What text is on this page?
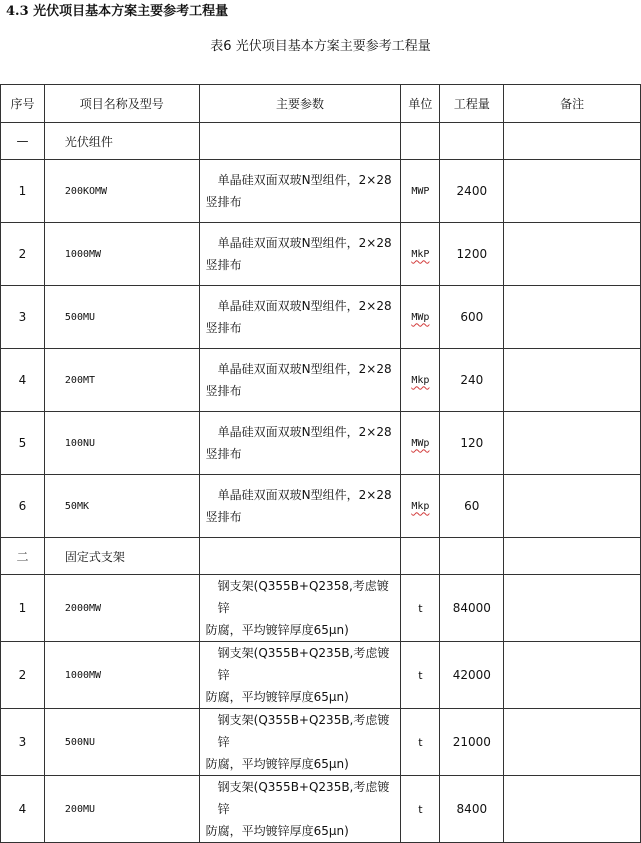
4.3 光伏项目基本方案主要参考工程量
表6 光伏项目基本方案主要参考工程量
序号	项目名称及型号	主要参数	单位	工程量	备注
—	光伏组件				
1	200KOMW	单晶硅双面双玻N型组件，2×28
竖排布	MWP	2400	
2	1000MW	单晶硅双面双玻N型组件，2×28
竖排布	MkP	1200	
3	500MU	单晶硅双面双玻N型组件，2×28
竖排布	MWp	600	
4	200MT	单晶硅双面双玻N型组件，2×28
竖排布	Mkp	240	
5	100NU	单晶硅双面双玻N型组件，2×28
竖排布	MWp	120	
6	50MK	单晶硅双面双玻N型组件，2×28
竖排布	Mkp	60	
二	固定式支架				
1	2000MW	钢支架(Q355B+Q2358,考虑镀锌
防腐，平均镀锌厚度65μn)	t	84000	
2	1000MW	钢支架(Q355B+Q235B,考虑镀锌
防腐，平均镀锌厚度65μn)	t	42000	
3	500NU	钢支架(Q355B+Q235B,考虑镀锌
防腐，平均镀锌厚度65μn)	t	21000	
4	200MU	钢支架(Q355B+Q235B,考虑镀锌
防腐，平均镀锌厚度65μn)	t	8400	
